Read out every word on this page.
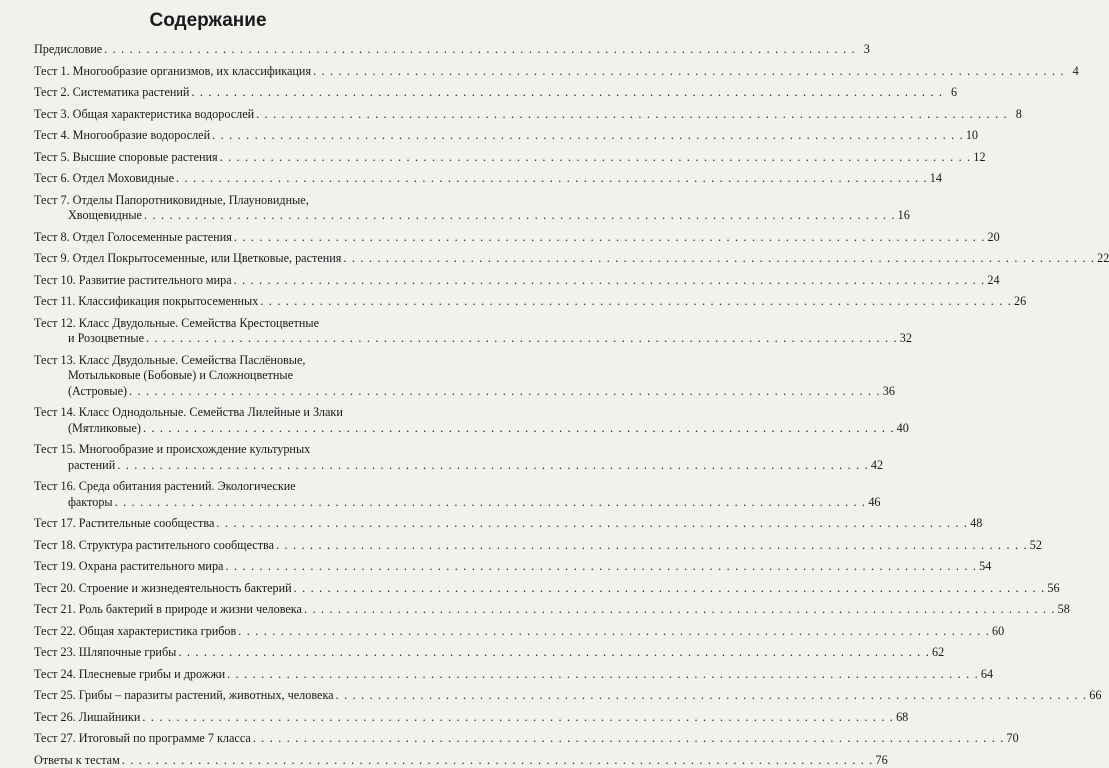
Содержание
Предисловие . . .	3
Тест 1. Многообразие организмов, их классификация . . .	4
Тест 2. Систематика растений . . .	6
Тест 3. Общая характеристика водорослей . . .	8
Тест 4. Многообразие водорослей . . .	10
Тест 5. Высшие споровые растения . . .	12
Тест 6. Отдел Моховидные . . .	14
Тест 7. Отделы Папоротниковидные, Плауновидные,
Хвощевидные . . .	16
Тест 8. Отдел Голосеменные растения . . .	20
Тест 9. Отдел Покрытосеменные, или Цветковые, растения . . .	22
Тест 10. Развитие растительного мира . . .	24
Тест 11. Классификация покрытосеменных . . .	26
Тест 12. Класс Двудольные. Семейства Крестоцветные
и Розоцветные . . .	32
Тест 13. Класс Двудольные. Семейства Паслёновые,
Мотыльковые (Бобовые) и Сложноцветные
(Астровые) . . .	36
Тест 14. Класс Однодольные. Семейства Лилейные и Злаки
(Мятликовые) . . .	40
Тест 15. Многообразие и происхождение культурных
растений . . .	42
Тест 16. Среда обитания растений. Экологические
факторы . . .	46
Тест 17. Растительные сообщества . . .	48
Тест 18. Структура растительного сообщества . . .	52
Тест 19. Охрана растительного мира . . .	54
Тест 20. Строение и жизнедеятельность бактерий . . .	56
Тест 21. Роль бактерий в природе и жизни человека . . .	58
Тест 22. Общая характеристика грибов . . .	60
Тест 23. Шляпочные грибы . . .	62
Тест 24. Плесневые грибы и дрожжи . . .	64
Тест 25. Грибы – паразиты растений, животных, человека . . .	66
Тест 26. Лишайники . . .	68
Тест 27. Итоговый по программе 7 класса . . .	70
Ответы к тестам . . .	76
